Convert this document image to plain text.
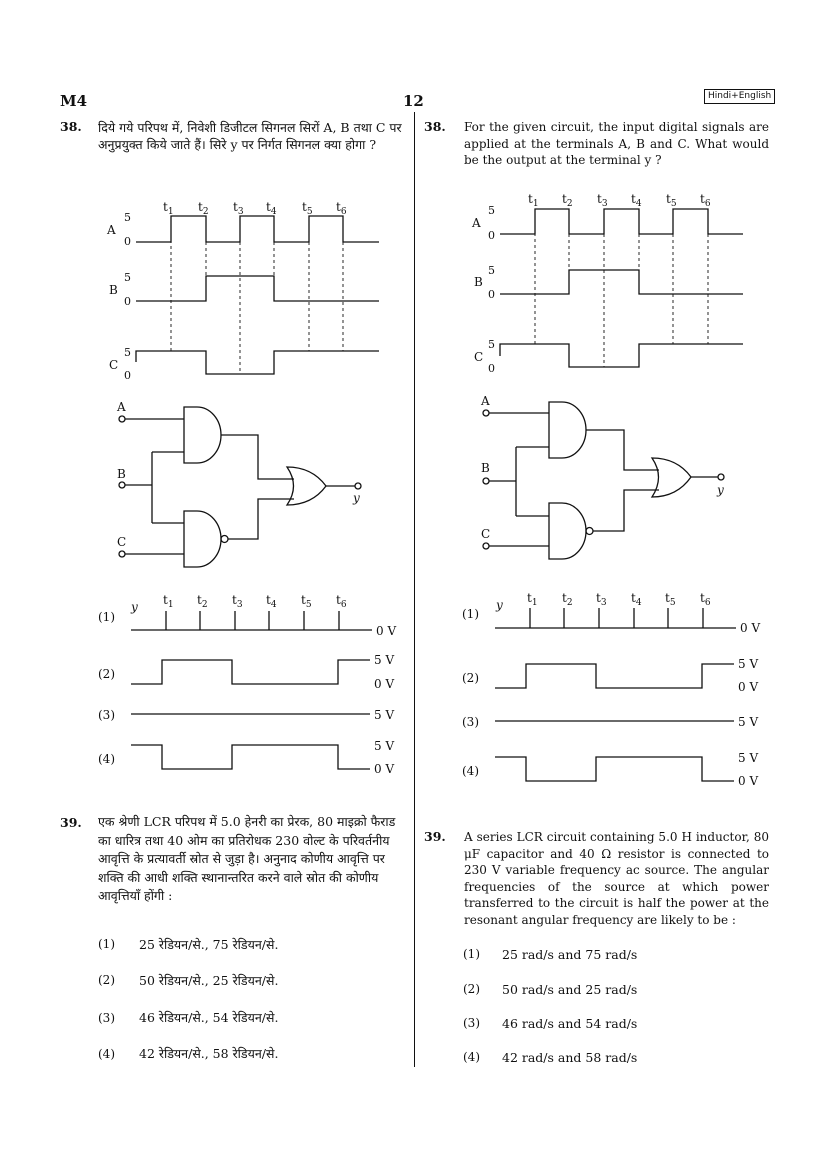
M4	12	Hindi+English
38. दिये गये परिपथ में, निवेशी डिजीटल सिगनल सिरों A, B तथा C पर अनुप्रयुक्त किये जाते हैं। सिरे y पर निर्गत सिगनल क्या होगा ?
38. For the given circuit, the input digital signals are applied at the terminals A, B and C. What would be the output at the terminal y ?
$t_1$ $t_2$ $t_3$ $t_4$ $t_5$ $t_6$
5
0
A
5
0
B
5
0
C
A
B
C
y
(1)
(2)
(3)
(4)
y $t_1$ $t_2$ $t_3$ $t_4$ $t_5$ $t_6$
0 V
5 V
0 V
5 V
5 V
0 V
$t_1$ $t_2$ $t_3$ $t_4$ $t_5$ $t_6$
5
0
A
5
0
B
5
0
C
A
B
C
y
(1)
(2)
(3)
(4)
y $t_1$ $t_2$ $t_3$ $t_4$ $t_5$ $t_6$
0 V
5 V
0 V
5 V
5 V
0 V
39. एक श्रेणी LCR परिपथ में 5.0 हेनरी का प्रेरक, 80 माइक्रो फैराड का धारित्र तथा 40 ओम का प्रतिरोधक 230 वोल्ट के परिवर्तनीय आवृत्ति के प्रत्यावर्ती स्रोत से जुड़ा है। अनुनाद कोणीय आवृत्ति पर शक्ति की आधी शक्ति स्थानान्तरित करने वाले स्रोत की कोणीय आवृत्तियाँ होंगी :
(1) 25 रेडियन/से., 75 रेडियन/से.
(2) 50 रेडियन/से., 25 रेडियन/से.
(3) 46 रेडियन/से., 54 रेडियन/से.
(4) 42 रेडियन/से., 58 रेडियन/से.
39. A series LCR circuit containing 5.0 H inductor, 80 μF capacitor and 40 Ω resistor is connected to 230 V variable frequency ac source. The angular frequencies of the source at which power transferred to the circuit is half the power at the resonant angular frequency are likely to be :
(1) 25 rad/s and 75 rad/s
(2) 50 rad/s and 25 rad/s
(3) 46 rad/s and 54 rad/s
(4) 42 rad/s and 58 rad/s
